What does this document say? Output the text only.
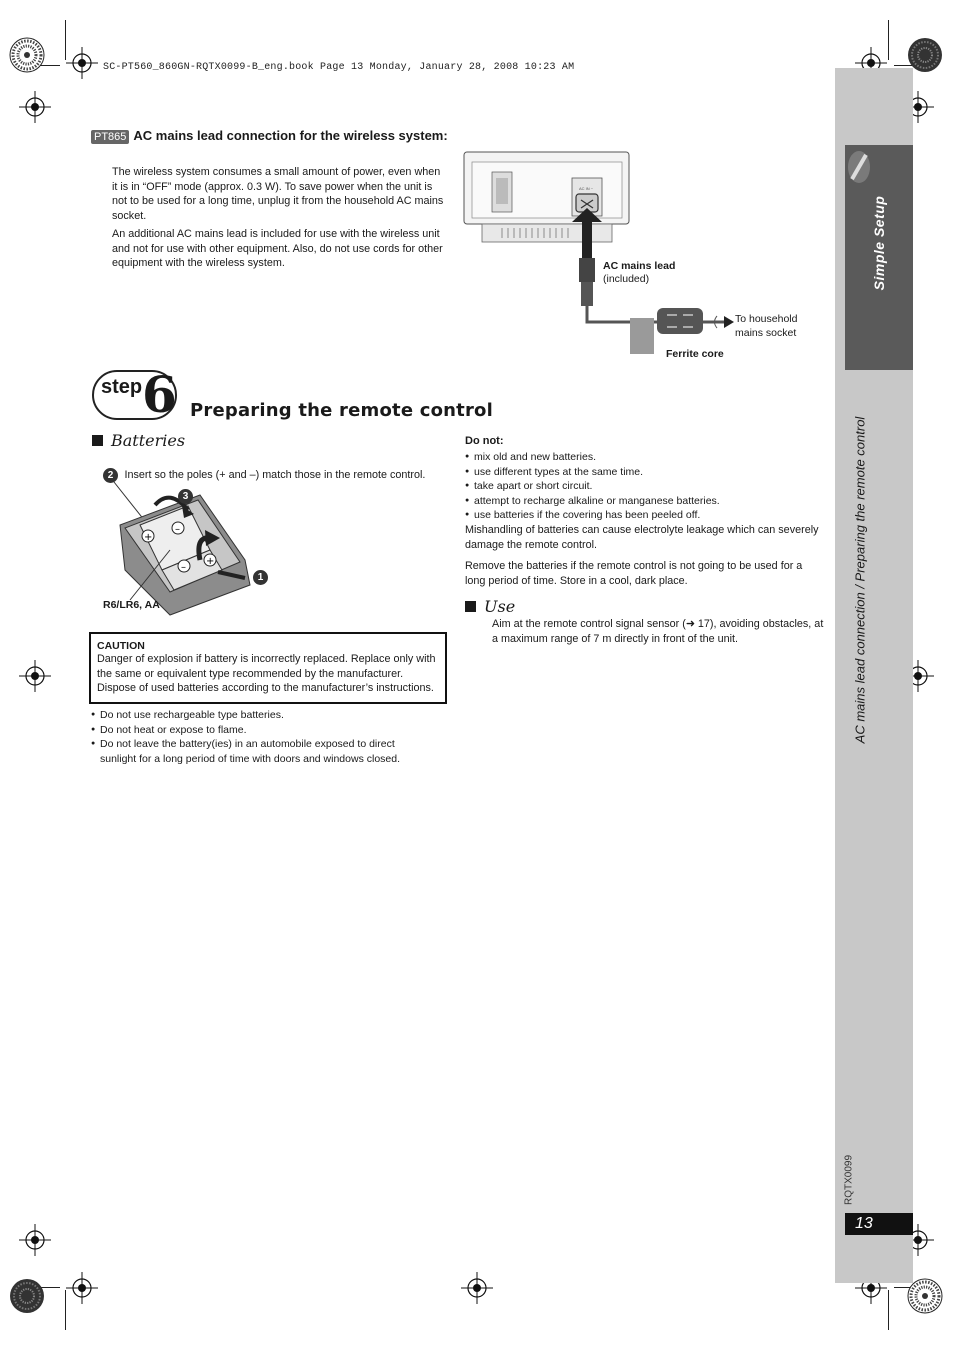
SC-PT560_860GN-RQTX0099-B_eng.book Page 13 Monday, January 28, 2008 10:23 AM
Simple Setup
AC mains lead connection / Preparing the remote control
RQTX0099
13
PT865 AC mains lead connection for the wireless system:

The wireless system consumes a small amount of power, even when it is in “OFF” mode (approx. 0.3 W). To save power when the unit is not to be used for a long time, unplug it from the household AC mains socket.

An additional AC mains lead is included for use with the wireless unit and not for use with other equipment. Also, do not use cords for other equipment with the wireless system.

AC IN ~
AC mains lead
(included)
To household mains socket
Ferrite core
step 6 Preparing the remote control
Batteries
2 Insert so the poles (+ and –) match those in the remote control.
+
–
–
+
3
1
R6/LR6, AA
CAUTION
Danger of explosion if battery is incorrectly replaced. Replace only with the same or equivalent type recommended by the manufacturer. Dispose of used batteries according to the manufacturer’s instructions.
● Do not use rechargeable type batteries.
● Do not heat or expose to flame.
● Do not leave the battery(ies) in an automobile exposed to direct sunlight for a long period of time with doors and windows closed.
Do not:
● mix old and new batteries.
● use different types at the same time.
● take apart or short circuit.
● attempt to recharge alkaline or manganese batteries.
● use batteries if the covering has been peeled off.

Mishandling of batteries can cause electrolyte leakage which can severely damage the remote control.

Remove the batteries if the remote control is not going to be used for a long period of time. Store in a cool, dark place.

Use

Aim at the remote control signal sensor (➜ 17), avoiding obstacles, at a maximum range of 7 m directly in front of the unit.
